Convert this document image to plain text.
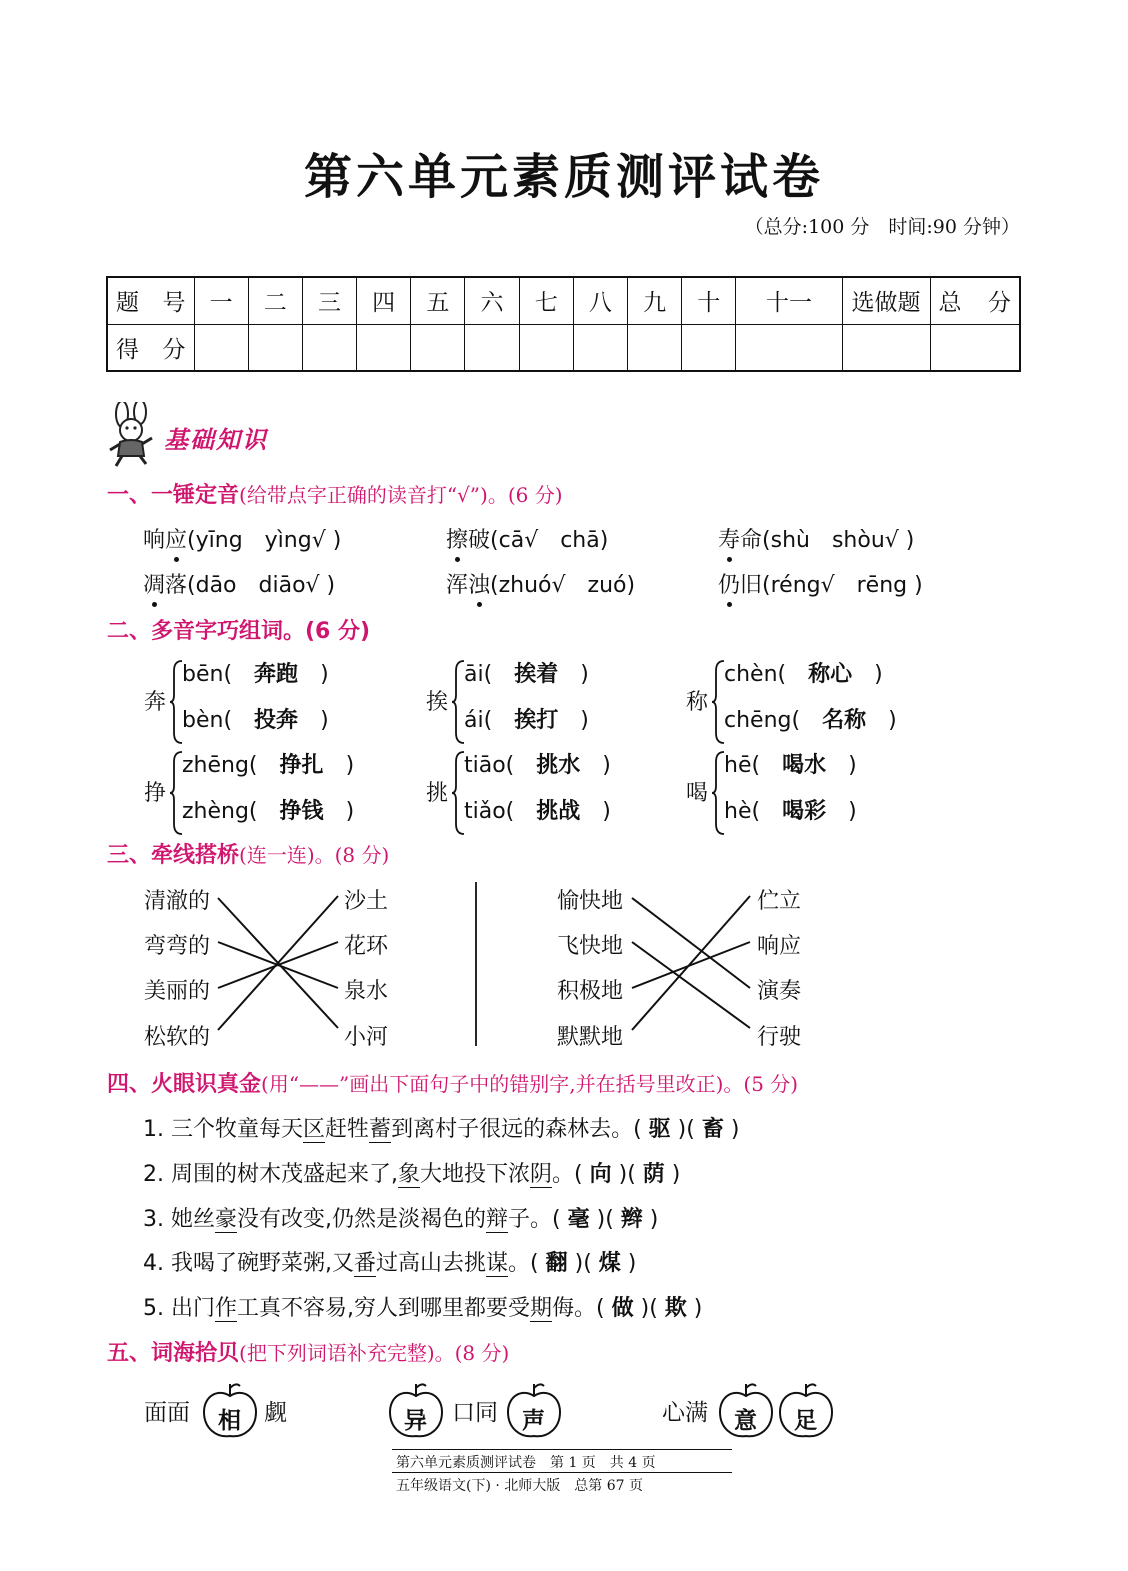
第六单元素质测评试卷
（总分:100 分　时间:90 分钟）
题　号	一	二	三	四	五	六	七	八	九	十	十一	选做题	总　分
得　分													
基础知识
一、一锤定音(给带点字正确的读音打“√”)。(6 分)
响应(yīng　yìng√ )	擦破(cā√　chā)	寿命(shù　shòu√ )
凋落(dāo　diāo√ )	浑浊(zhuó√　zuó)	仍旧(réng√　rēng )
二、多音字巧组词。(6 分)
奔
bēn(　 奔跑　)
bèn(　 投奔　)
挨
āi(　 挨着　)
ái(　 挨打　)
称
chèn(　 称心　)
chēng(　 名称　)
挣
zhēng(　 挣扎　)
zhèng(　 挣钱　)
挑
tiāo(　 挑水　)
tiǎo(　 挑战　)
喝
hē(　 喝水　)
hè(　 喝彩　)
三、牵线搭桥(连一连)。(8 分)
清澈的
弯弯的
美丽的
松软的
沙土
花环
泉水
小河
愉快地
飞快地
积极地
默默地
伫立
响应
演奏
行驶
四、火眼识真金(用“——”画出下面句子中的错别字,并在括号里改正)。(5 分)
1. 三个牧童每天区赶牲蓄到离村子很远的森林去。( 驱 )( 畜 )
2. 周围的树木茂盛起来了,象大地投下浓阴。( 向 )( 荫 )
3. 她丝豪没有改变,仍然是淡褐色的辩子。( 毫 )( 辫 )
4. 我喝了碗野菜粥,又番过高山去挑谋。( 翻 )( 煤 )
5. 出门作工真不容易,穷人到哪里都要受期侮。( 做 )( 欺 )
五、词海拾贝(把下列词语补充完整)。(8 分)
面面 相 觑	异 口同 声	心满 意 足
第六单元素质测评试卷　第 1 页　共 4 页
五年级语文(下) · 北师大版　总第 67 页
